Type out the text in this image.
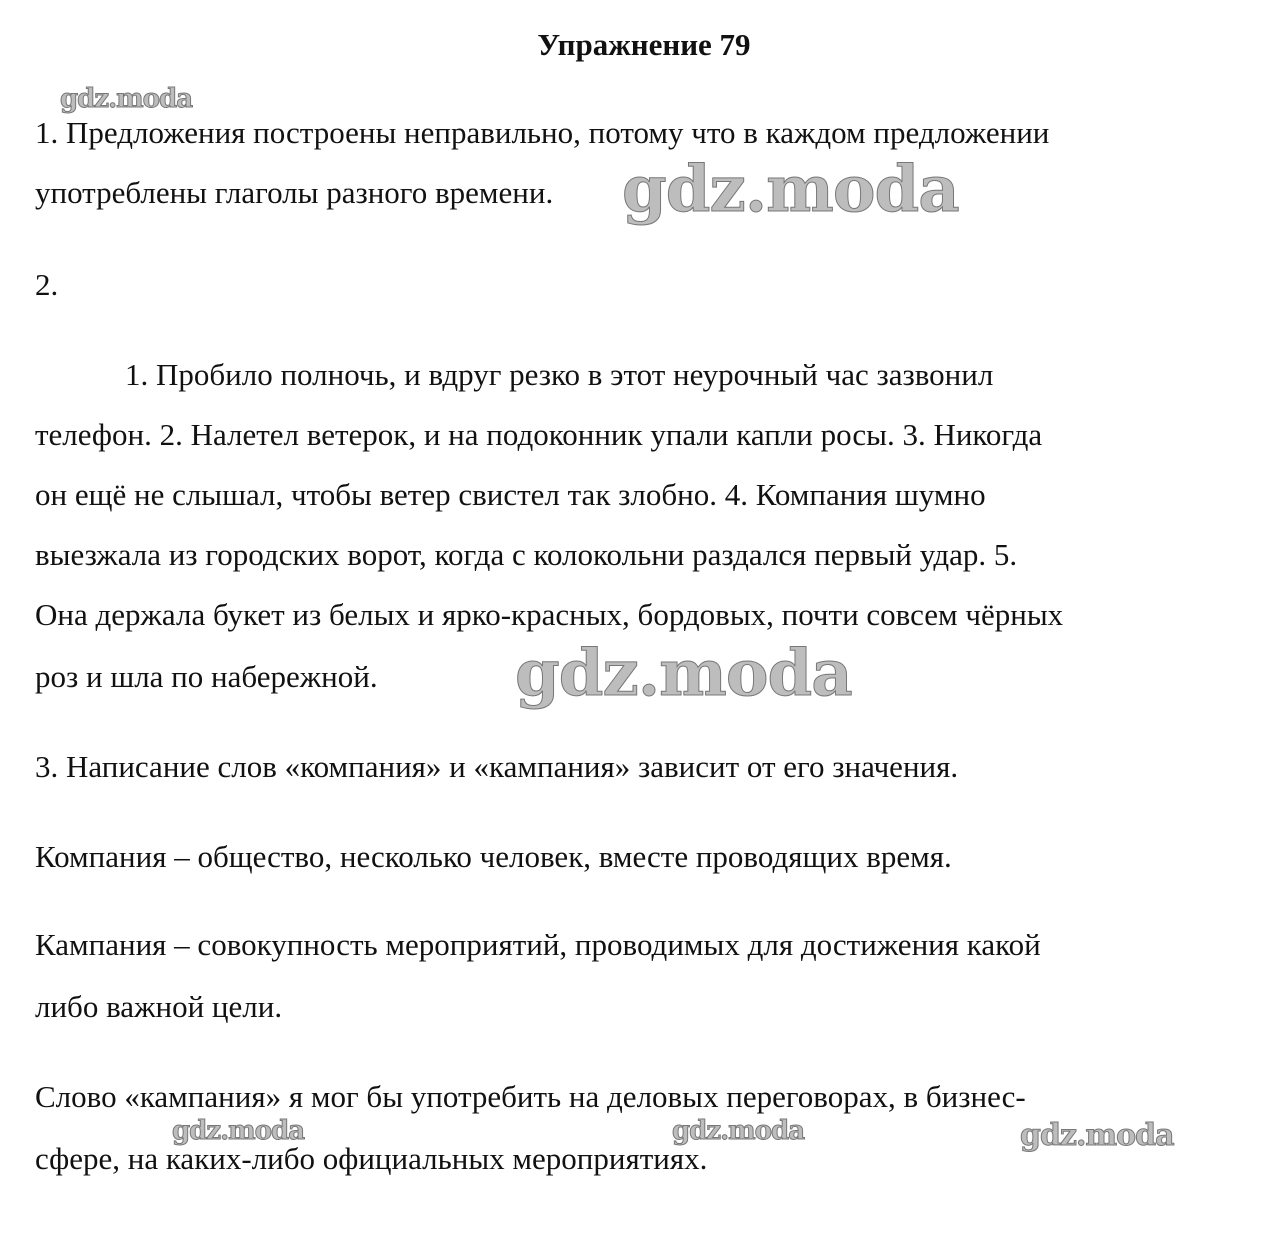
Упражнение 79
1. Предложения построены неправильно, потому что в каждом предложении
употреблены глаголы разного времени.
2.
1. Пробило полночь, и вдруг резко в этот неурочный час зазвонил
телефон. 2. Налетел ветерок, и на подоконник упали капли росы. 3. Никогда
он ещё не слышал, чтобы ветер свистел так злобно. 4. Компания шумно
выезжала из городских ворот, когда с колокольни раздался первый удар. 5.
Она держала букет из белых и ярко-красных, бордовых, почти совсем чёрных
роз и шла по набережной.
3. Написание слов «компания» и «кампания» зависит от его значения.
Компания – общество, несколько человек, вместе проводящих время.
Кампания – совокупность мероприятий, проводимых для достижения какой
либо важной цели.
Слово «кампания» я мог бы употребить на деловых переговорах, в бизнес-
сфере, на каких-либо официальных мероприятиях.
gdz.moda
gdz.moda
gdz.moda
gdz.moda	gdz.moda	gdz.moda
